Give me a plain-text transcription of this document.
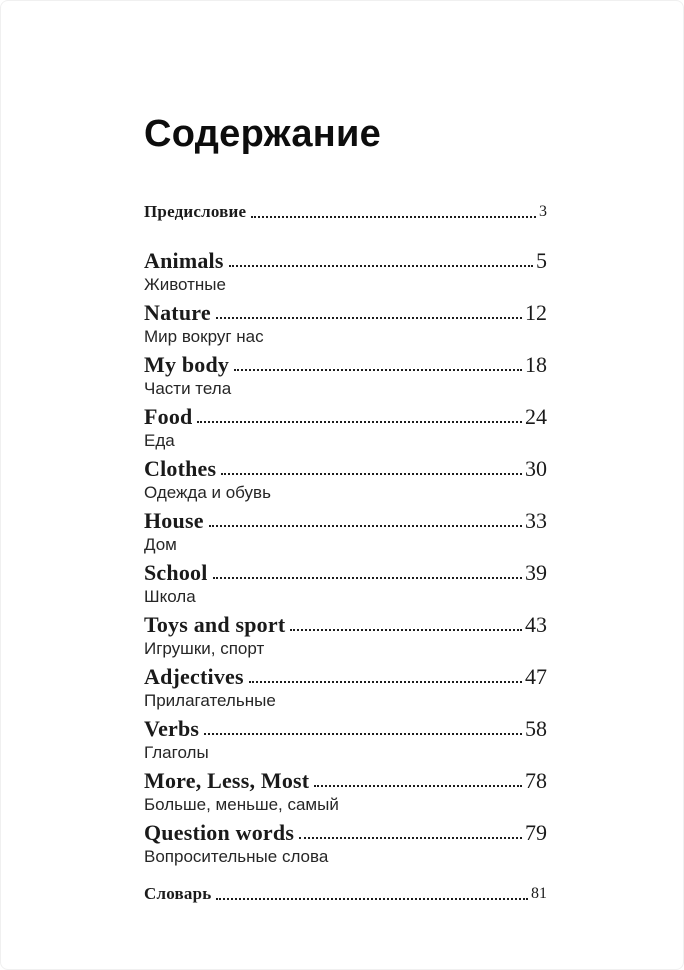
Содержание
Предисловие	3
Animals	5
Животные
Nature	12
Мир вокруг нас
My body	18
Части тела
Food	24
Еда
Clothes	30
Одежда и обувь
House	33
Дом
School	39
Школа
Toys and sport	43
Игрушки, спорт
Adjectives	47
Прилагательные
Verbs	58
Глаголы
More, Less, Most	78
Больше, меньше, самый
Question words	79
Вопросительные слова
Словарь	81
